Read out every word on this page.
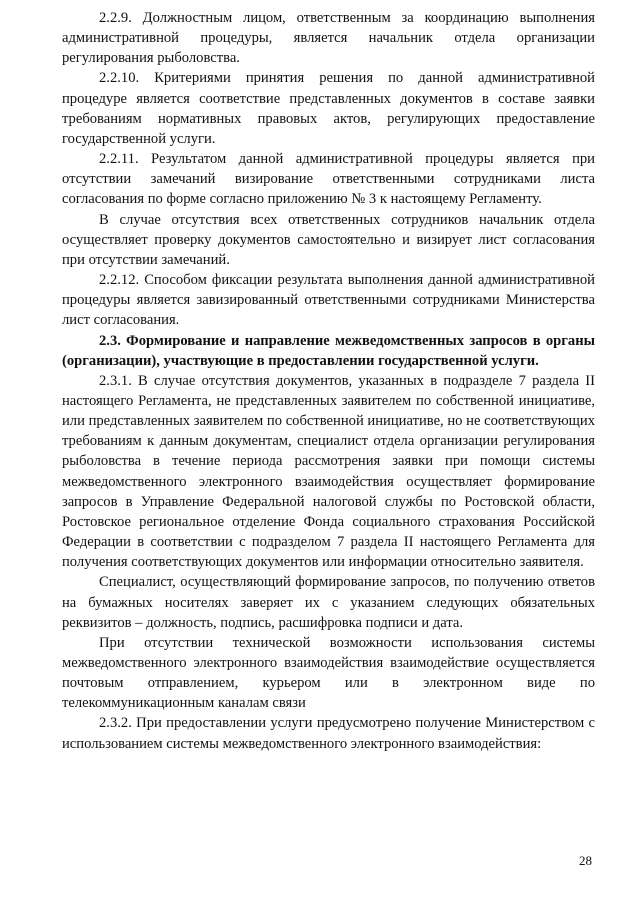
2.2.9. Должностным лицом, ответственным за координацию выполнения административной процедуры, является начальник отдела организации регулирования рыболовства.

2.2.10. Критериями принятия решения по данной административной процедуре является соответствие представленных документов в составе заявки требованиям нормативных правовых актов, регулирующих предоставление государственной услуги.

2.2.11. Результатом данной административной процедуры является при отсутствии замечаний визирование ответственными сотрудниками листа согласования по форме согласно приложению № 3 к настоящему Регламенту.

В случае отсутствия всех ответственных сотрудников начальник отдела осуществляет проверку документов самостоятельно и визирует лист согласования при отсутствии замечаний.

2.2.12. Способом фиксации результата выполнения данной административной процедуры является завизированный ответственными сотрудниками Министерства лист согласования.

2.3. Формирование и направление межведомственных запросов в органы (организации), участвующие в предоставлении государственной услуги.

2.3.1. В случае отсутствия документов, указанных в подразделе 7 раздела II настоящего Регламента, не представленных заявителем по собственной инициативе, или представленных заявителем по собственной инициативе, но не соответствующих требованиям к данным документам, специалист отдела организации регулирования рыболовства в течение периода рассмотрения заявки при помощи системы межведомственного электронного взаимодействия осуществляет формирование запросов в Управление Федеральной налоговой службы по Ростовской области, Ростовское региональное отделение Фонда социального страхования Российской Федерации в соответствии с подразделом 7 раздела II настоящего Регламента для получения соответствующих документов или информации относительно заявителя.

Специалист, осуществляющий формирование запросов, по получению ответов на бумажных носителях заверяет их с указанием следующих обязательных реквизитов – должность, подпись, расшифровка подписи и дата.

При отсутствии технической возможности использования системы межведомственного электронного взаимодействия взаимодействие осуществляется почтовым отправлением, курьером или в электронном виде по телекоммуникационным каналам связи

2.3.2. При предоставлении услуги предусмотрено получение Министерством с использованием системы межведомственного электронного взаимодействия:

28
